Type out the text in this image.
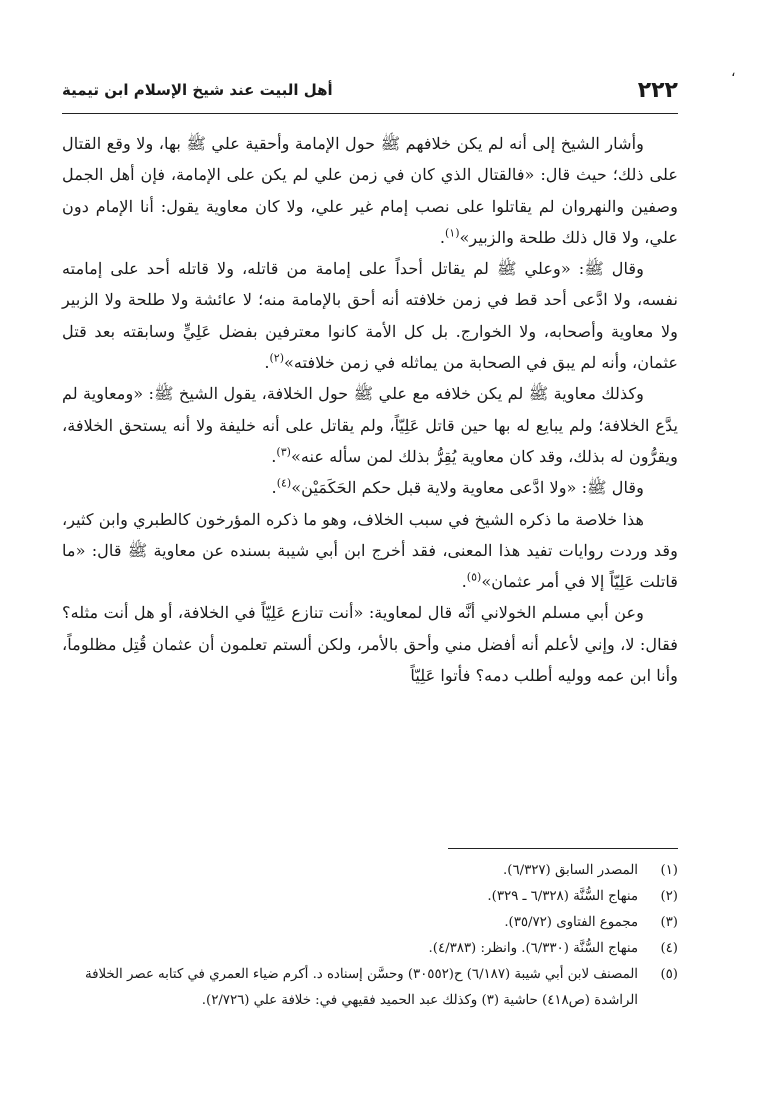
،
٢٢٢
أهل البيت عند شيخ الإسلام ابن تيمية

وأشار الشيخ إلى أنه لم يكن خلافهم ﷺ حول الإمامة وأحقية علي ﷺ بها، ولا وقع القتال على ذلك؛ حيث قال: «فالقتال الذي كان في زمن علي لم يكن على الإمامة، فإن أهل الجمل وصفين والنهروان لم يقاتلوا على نصب إمام غير علي، ولا كان معاوية يقول: أنا الإمام دون علي، ولا قال ذلك طلحة والزبير»$^{(١)}$.

وقال ﷺ: «وعلي ﷺ لم يقاتل أحداً على إمامة من قاتله، ولا قاتله أحد على إمامته نفسه، ولا ادَّعى أحد قط في زمن خلافته أنه أحق بالإمامة منه؛ لا عائشة ولا طلحة ولا الزبير ولا معاوية وأصحابه، ولا الخوارج. بل كل الأمة كانوا معترفين بفضل عَلِيٍّ وسابقته بعد قتل عثمان، وأنه لم يبق في الصحابة من يماثله في زمن خلافته»$^{(٢)}$.

وكذلك معاوية ﷺ لم يكن خلافه مع علي ﷺ حول الخلافة، يقول الشيخ ﷺ: «ومعاوية لم يدَّع الخلافة؛ ولم يبايع له بها حين قاتل عَلِيّاً، ولم يقاتل على أنه خليفة ولا أنه يستحق الخلافة، ويقرُّون له بذلك، وقد كان معاوية يُقِرُّ بذلك لمن سأله عنه»$^{(٣)}$.

وقال ﷺ: «ولا ادَّعى معاوية ولاية قبل حكم الحَكَمَيْن»$^{(٤)}$.

هذا خلاصة ما ذكره الشيخ في سبب الخلاف، وهو ما ذكره المؤرخون كالطبري وابن كثير، وقد وردت روايات تفيد هذا المعنى، فقد أخرج ابن أبي شيبة بسنده عن معاوية ﷺ قال: «ما قاتلت عَلِيّاً إلا في أمر عثمان»$^{(٥)}$.

وعن أبي مسلم الخولاني أنَّه قال لمعاوية: «أنت تنازع عَلِيّاً في الخلافة، أو هل أنت مثله؟ فقال: لا، وإني لأعلم أنه أفضل مني وأحق بالأمر، ولكن ألستم تعلمون أن عثمان قُتِل مظلوماً، وأنا ابن عمه ووليه أطلب دمه؟ فأتوا عَلِيّاً

(١)
المصدر السابق (٦/٣٢٧).
(٢)
منهاج السُّنَّة (٦/٣٢٨ ـ ٣٢٩).
(٣)
مجموع الفتاوى (٣٥/٧٢).
(٤)
منهاج السُّنَّة (٦/٣٣٠). وانظر: (٤/٣٨٣).
(٥)
المصنف لابن أبي شيبة (٦/١٨٧) ح(٣٠٥٥٢) وحسَّن إسناده د. أكرم ضياء العمري في كتابه عصر الخلافة الراشدة (ص٤١٨) حاشية (٣) وكذلك عبد الحميد فقيهي في: خلافة علي (٢/٧٢٦).
